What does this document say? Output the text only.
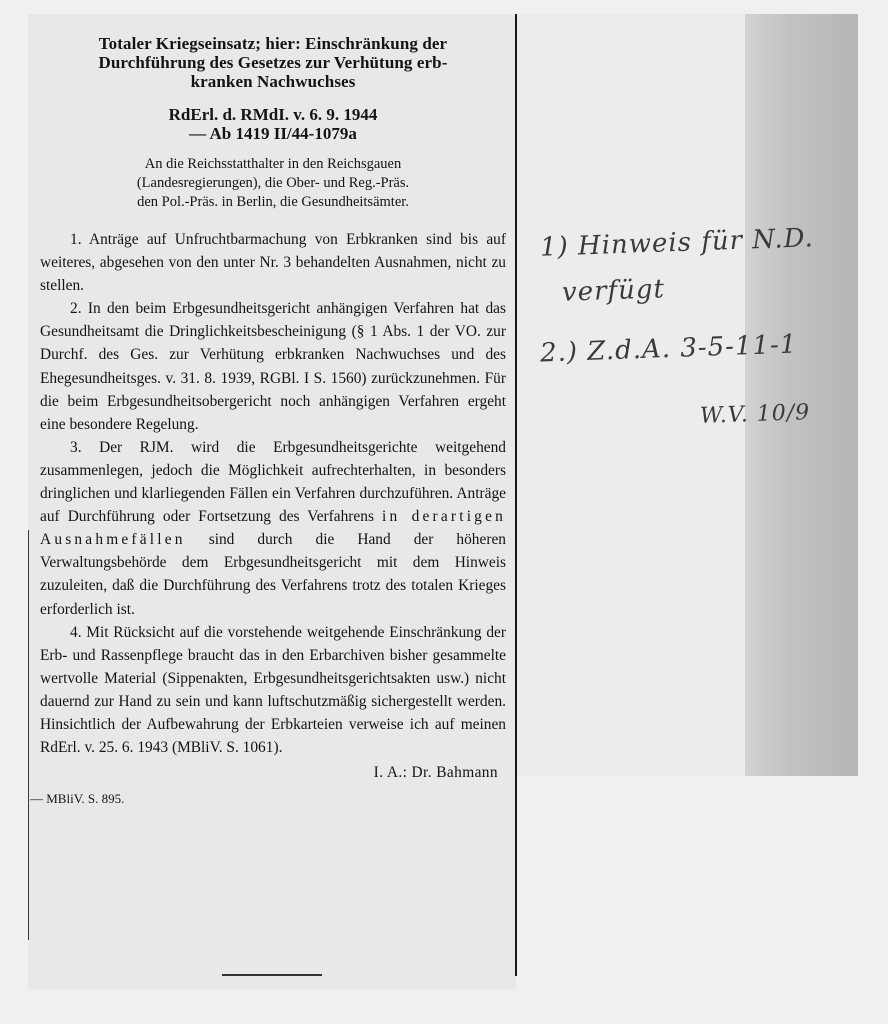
Totaler Kriegseinsatz; hier: Einschränkung der
Durchführung des Gesetzes zur Verhütung erb-
kranken Nachwuchses
RdErl. d. RMdI. v. 6. 9. 1944
— Ab 1419 II/44-1079a
An die Reichsstatthalter in den Reichsgauen
(Landesregierungen), die Ober- und Reg.-Präs.
den Pol.-Präs. in Berlin, die Gesundheitsämter.

1. Anträge auf Unfruchtbarmachung von Erbkranken sind bis auf weiteres, abgesehen von den unter Nr. 3 behandelten Ausnahmen, nicht zu stellen.

2. In den beim Erbgesundheitsgericht anhängigen Verfahren hat das Gesundheitsamt die Dringlichkeitsbescheinigung (§ 1 Abs. 1 der VO. zur Durchf. des Ges. zur Verhütung erbkranken Nachwuchses und des Ehegesundheitsges. v. 31. 8. 1939, RGBl. I S. 1560) zurückzunehmen. Für die beim Erbgesundheitsobergericht noch anhängigen Verfahren ergeht eine besondere Regelung.

3. Der RJM. wird die Erbgesundheitsgerichte weitgehend zusammenlegen, jedoch die Möglichkeit aufrechterhalten, in besonders dringlichen und klarliegenden Fällen ein Verfahren durchzuführen. Anträge auf Durchführung oder Fortsetzung des Verfahrens in derartigen Ausnahmefällen sind durch die Hand der höheren Verwaltungsbehörde dem Erbgesundheitsgericht mit dem Hinweis zuzuleiten, daß die Durchführung des Verfahrens trotz des totalen Krieges erforderlich ist.

4. Mit Rücksicht auf die vorstehende weitgehende Einschränkung der Erb- und Rassenpflege braucht das in den Erbarchiven bisher gesammelte wertvolle Material (Sippenakten, Erbgesundheitsgerichtsakten usw.) nicht dauernd zur Hand zu sein und kann luftschutzmäßig sichergestellt werden. Hinsichtlich der Aufbewahrung der Erbkarteien verweise ich auf meinen RdErl. v. 25. 6. 1943 (MBliV. S. 1061).

I. A.: Dr. Bahmann
— MBliV. S. 895.

1) Hinweis für N.D.

verfügt

2.) Z.d.A. 3-5-11-1

W.V. 10/9
